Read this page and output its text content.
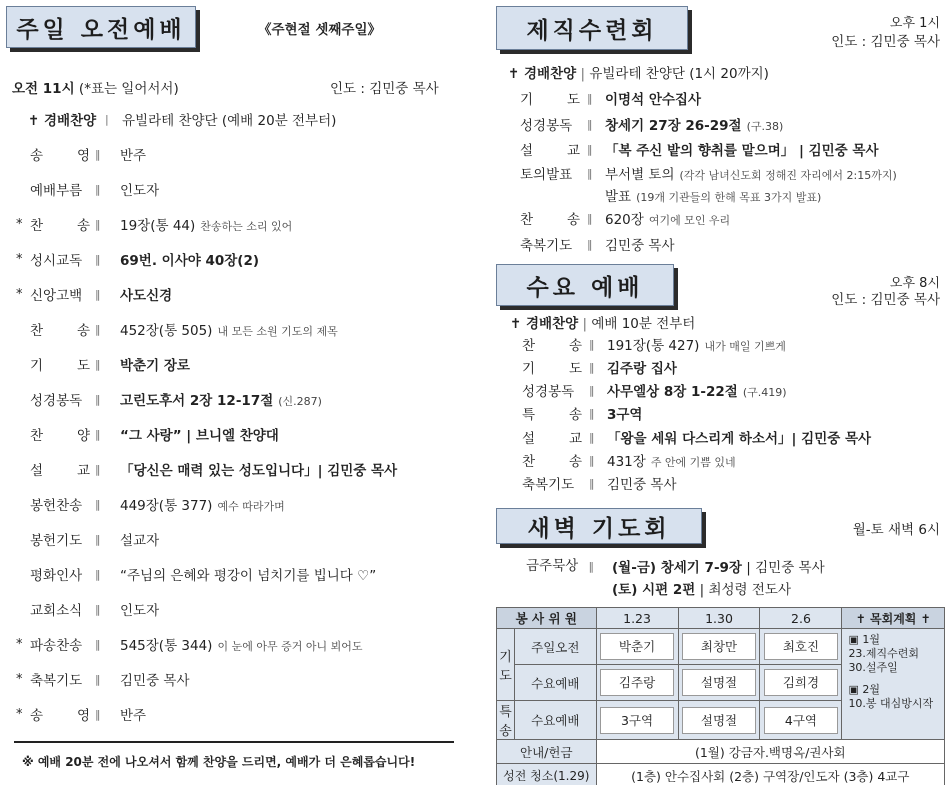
주일 오전예배	《주현절 셋째주일》
오전 11시 (*표는 일어서서)	인도 : 김민중 목사
✝ 경배찬양 | 유빌라테 찬양단 (예배 20분 전부터)
송 영 ‖ 반주
예배부름	‖ 인도자
* 찬 송 ‖ 19장(통 44) 찬송하는 소리 있어
* 성시교독	‖ 69번. 이사야 40장(2)
* 신앙고백	‖ 사도신경
찬 송 ‖ 452장(통 505) 내 모든 소원 기도의 제목
기 도 ‖ 박춘기 장로
성경봉독	‖ 고린도후서 2장 12-17절 (신.287)
찬 양 ‖ “그 사랑” | 브니엘 찬양대
설 교 ‖ 「당신은 매력 있는 성도입니다」| 김민중 목사
봉헌찬송	‖ 449장(통 377) 예수 따라가며
봉헌기도	‖ 설교자
평화인사	‖ “주님의 은혜와 평강이 넘치기를 빕니다 ♡”
교회소식	‖ 인도자
* 파송찬송	‖ 545장(통 344) 이 눈에 아무 증거 아니 뵈어도
* 축복기도	‖ 김민중 목사
* 송 영 ‖ 반주
※ 예배 20분 전에 나오셔서 함께 찬양을 드리면, 예배가 더 은혜롭습니다!
제직수련회	오후 1시
인도 : 김민중 목사
✝ 경배찬양 | 유빌라테 찬양단 (1시 20까지)
기 도 ‖ 이명석 안수집사
성경봉독	‖ 창세기 27장 26-29절 (구.38)
설 교 ‖ 「복 주신 밭의 향취를 맡으며」 | 김민중 목사
토의발표	‖ 부서별 토의 (각각 남녀신도회 정해진 자리에서 2:15까지)
발표 (19개 기관들의 한해 목표 3가지 발표)
찬 송 ‖ 620장 여기에 모인 우리
축복기도	‖ 김민중 목사
수요 예배	오후 8시
인도 : 김민중 목사
✝ 경배찬양 | 예배 10분 전부터
찬 송 ‖ 191장(통 427) 내가 매일 기쁘게
기 도 ‖ 김주랑 집사
성경봉독	‖ 사무엘상 8장 1-22절 (구.419)
특 송 ‖ 3구역
설 교 ‖ 「왕을 세워 다스리게 하소서」| 김민중 목사
찬 송 ‖ 431장 주 안에 기쁨 있네
축복기도	‖ 김민중 목사
새벽 기도회	월-토 새벽 6시
금주묵상 ‖	(월-금) 창세기 7-9장 | 김민중 목사
(토) 시편 2편 | 최성령 전도사
봉 사 위 원		1.23	1.30	2.6	✝ 목회계획 ✝
기도	주일오전	박춘기	최창만	최호진	▣ 1월
23.제직수련회
30.설주일
▣ 2월
10.봉 대심방시작

	수요예배	김주랑	설명절	김희경	
특송	수요예배	3구역	설명절	4구역	
안내/헌금		(1월) 강금자.백명옥/권사회			
성전 청소(1.29)		(1층) 안수집사회 (2층) 구역장/인도자 (3층) 4교구			
